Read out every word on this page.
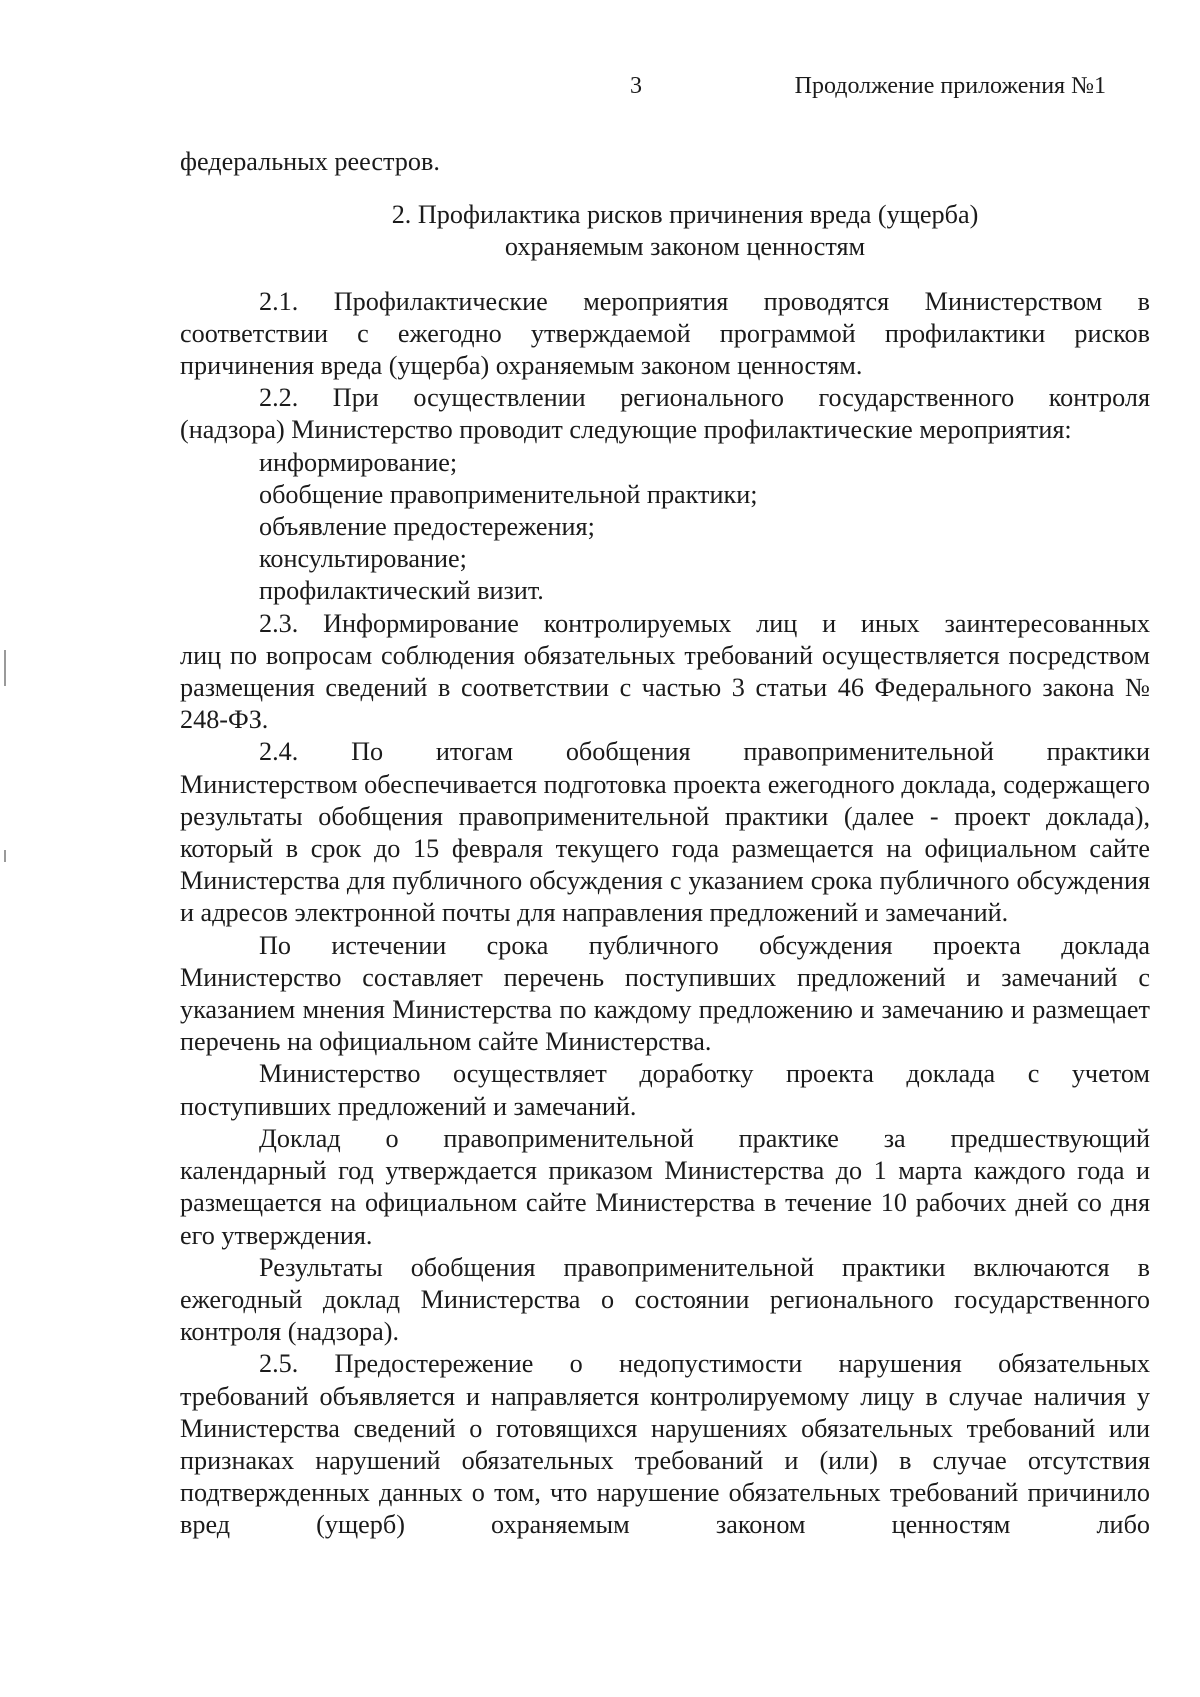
3	Продолжение приложения №1

федеральных реестров.

2. Профилактика рисков причинения вреда (ущерба)
охраняемым законом ценностям

2.1. Профилактические мероприятия проводятся Министерством в

соответствии с ежегодно утверждаемой программой профилактики рисков причинения вреда (ущерба) охраняемым законом ценностям.

2.2. При осуществлении регионального государственного контроля

(надзора) Министерство проводит следующие профилактические мероприятия:

информирование;

обобщение правоприменительной практики;

объявление предостережения;

консультирование;

профилактический визит.

2.3. Информирование контролируемых лиц и иных заинтересованных

лиц по вопросам соблюдения обязательных требований осуществляется посредством размещения сведений в соответствии с частью 3 статьи 46 Федерального закона № 248-ФЗ.

2.4. По итогам обобщения правоприменительной практики

Министерством обеспечивается подготовка проекта ежегодного доклада, содержащего результаты обобщения правоприменительной практики (далее - проект доклада), который в срок до 15 февраля текущего года размещается на официальном сайте Министерства для публичного обсуждения с указанием срока публичного обсуждения и адресов электронной почты для направления предложений и замечаний.

По истечении срока публичного обсуждения проекта доклада

Министерство составляет перечень поступивших предложений и замечаний с указанием мнения Министерства по каждому предложению и замечанию и размещает перечень на официальном сайте Министерства.

Министерство осуществляет доработку проекта доклада с учетом

поступивших предложений и замечаний.

Доклад о правоприменительной практике за предшествующий

календарный год утверждается приказом Министерства до 1 марта каждого года и размещается на официальном сайте Министерства в течение 10 рабочих дней со дня его утверждения.

Результаты обобщения правоприменительной практики включаются в

ежегодный доклад Министерства о состоянии регионального государственного контроля (надзора).

2.5. Предостережение о недопустимости нарушения обязательных

требований объявляется и направляется контролируемому лицу в случае наличия у Министерства сведений о готовящихся нарушениях обязательных требований или признаках нарушений обязательных требований и (или) в случае отсутствия подтвержденных данных о том, что нарушение обязательных требований причинило вред (ущерб) охраняемым законом ценностям либо
